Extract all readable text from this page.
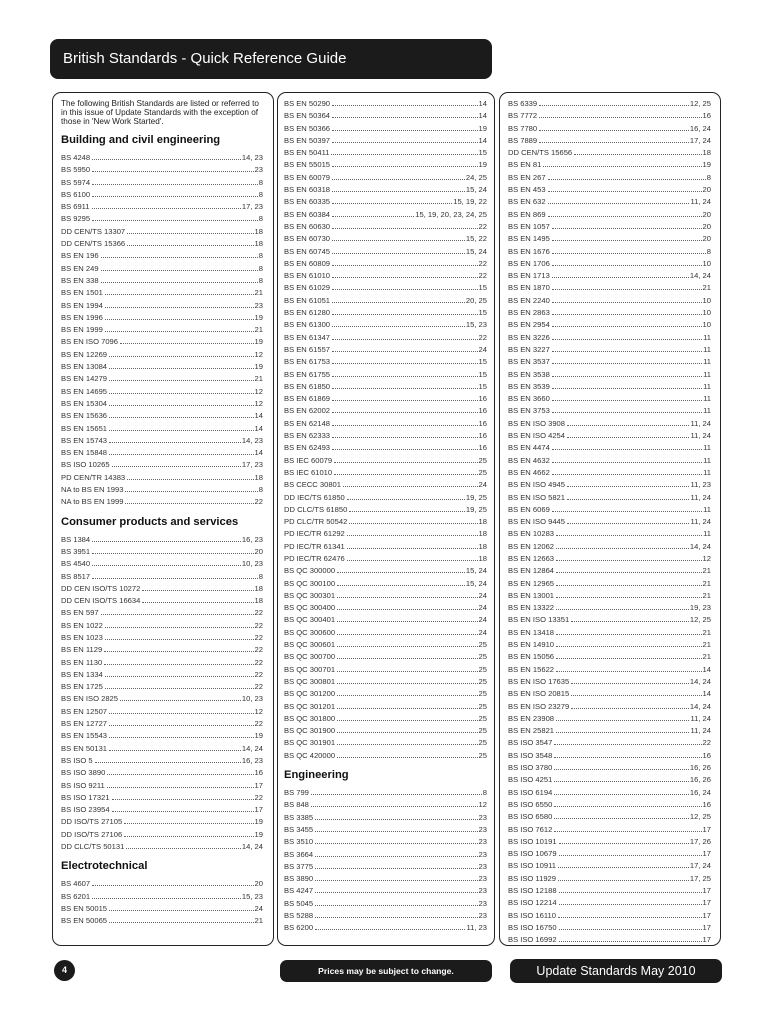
British Standards - Quick Reference Guide

The following British Standards are listed or referred to in this issue of Update Standards with the exception of those in 'New Work Started'.

Building and civil engineering
BS 4248	14, 23
BS 5950	23
BS 5974	8
BS 6100	8
BS 6911	17, 23
BS 9295	8
DD CEN/TS 13307	18
DD CEN/TS 15366	18
BS EN 196	8
BS EN 249	8
BS EN 338	8
BS EN 1501	21
BS EN 1994	23
BS EN 1996	19
BS EN 1999	21
BS EN ISO 7096	19
BS EN 12269	12
BS EN 13084	19
BS EN 14279	21
BS EN 14695	12
BS EN 15304	12
BS EN 15636	14
BS EN 15651	14
BS EN 15743	14, 23
BS EN 15848	14
BS ISO 10265	17, 23
PD CEN/TR 14383	18
NA to BS EN 1993	8
NA to BS EN 1999	22
Consumer products and services
BS 1384	16, 23
BS 3951	20
BS 4540	10, 23
BS 8517	8
DD CEN ISO/TS 10272	18
DD CEN ISO/TS 16634	18
BS EN 597	22
BS EN 1022	22
BS EN 1023	22
BS EN 1129	22
BS EN 1130	22
BS EN 1334	22
BS EN 1725	22
BS EN ISO 2825	10, 23
BS EN 12507	12
BS EN 12727	22
BS EN 15543	19
BS EN 50131	14, 24
BS ISO 5	16, 23
BS ISO 3890	16
BS ISO 9211	17
BS ISO 17321	22
BS ISO 23954	17
DD ISO/TS 27105	19
DD ISO/TS 27106	19
DD CLC/TS 50131	14, 24
Electrotechnical
BS 4607	20
BS 6201	15, 23
BS EN 50015	24
BS EN 50065	21
BS EN 50290	14
BS EN 50364	14
BS EN 50366	19
BS EN 50397	14
BS EN 50411	15
BS EN 55015	19
BS EN 60079	24, 25
BS EN 60318	15, 24
BS EN 60335	15, 19, 22
BS EN 60384	15, 19, 20, 23, 24, 25
BS EN 60630	22
BS EN 60730	15, 22
BS EN 60745	15, 24
BS EN 60809	22
BS EN 61010	22
BS EN 61029	15
BS EN 61051	20, 25
BS EN 61280	15
BS EN 61300	15, 23
BS EN 61347	22
BS EN 61557	24
BS EN 61753	15
BS EN 61755	15
BS EN 61850	15
BS EN 61869	16
BS EN 62002	16
BS EN 62148	16
BS EN 62333	16
BS EN 62493	16
BS IEC 60079	25
BS IEC 61010	25
BS CECC 30801	24
DD IEC/TS 61850	19, 25
DD CLC/TS 61850	19, 25
PD CLC/TR 50542	18
PD IEC/TR 61292	18
PD IEC/TR 61341	18
PD IEC/TR 62476	18
BS QC 300000	15, 24
BS QC 300100	15, 24
BS QC 300301	24
BS QC 300400	24
BS QC 300401	24
BS QC 300600	24
BS QC 300601	25
BS QC 300700	25
BS QC 300701	25
BS QC 300801	25
BS QC 301200	25
BS QC 301201	25
BS QC 301800	25
BS QC 301900	25
BS QC 301901	25
BS QC 420000	25
Engineering
BS 799	8
BS 848	12
BS 3385	23
BS 3455	23
BS 3510	23
BS 3664	23
BS 3775	23
BS 3890	23
BS 4247	23
BS 5045	23
BS 5288	23
BS 6200	11, 23
BS 6339	12, 25
BS 7772	16
BS 7780	16, 24
BS 7889	17, 24
DD CEN/TS 15656	18
BS EN 81	19
BS EN 267	8
BS EN 453	20
BS EN 632	11, 24
BS EN 869	20
BS EN 1057	20
BS EN 1495	20
BS EN 1676	8
BS EN 1706	10
BS EN 1713	14, 24
BS EN 1870	21
BS EN 2240	10
BS EN 2863	10
BS EN 2954	10
BS EN 3226	11
BS EN 3227	11
BS EN 3537	11
BS EN 3538	11
BS EN 3539	11
BS EN 3660	11
BS EN 3753	11
BS EN ISO 3908	11, 24
BS EN ISO 4254	11, 24
BS EN 4474	11
BS EN 4632	11
BS EN 4662	11
BS EN ISO 4945	11, 23
BS EN ISO 5821	11, 24
BS EN 6069	11
BS EN ISO 9445	11, 24
BS EN 10283	11
BS EN 12062	14, 24
BS EN 12663	12
BS EN 12864	21
BS EN 12965	21
BS EN 13001	21
BS EN 13322	19, 23
BS EN ISO 13351	12, 25
BS EN 13418	21
BS EN 14910	21
BS EN 15056	21
BS EN 15622	14
BS EN ISO 17635	14, 24
BS EN ISO 20815	14
BS EN ISO 23279	14, 24
BS EN 23908	11, 24
BS EN 25821	11, 24
BS ISO 3547	22
BS ISO 3548	16
BS ISO 3780	16, 26
BS ISO 4251	16, 26
BS ISO 6194	16, 24
BS ISO 6550	16
BS ISO 6580	12, 25
BS ISO 7612	17
BS ISO 10191	17, 26
BS ISO 10679	17
BS ISO 10911	17, 24
BS ISO 11929	17, 25
BS ISO 12188	17
BS ISO 12214	17
BS ISO 16110	17
BS ISO 16750	17
BS ISO 16992	17
4	Prices may be subject to change.	Update Standards May 2010
